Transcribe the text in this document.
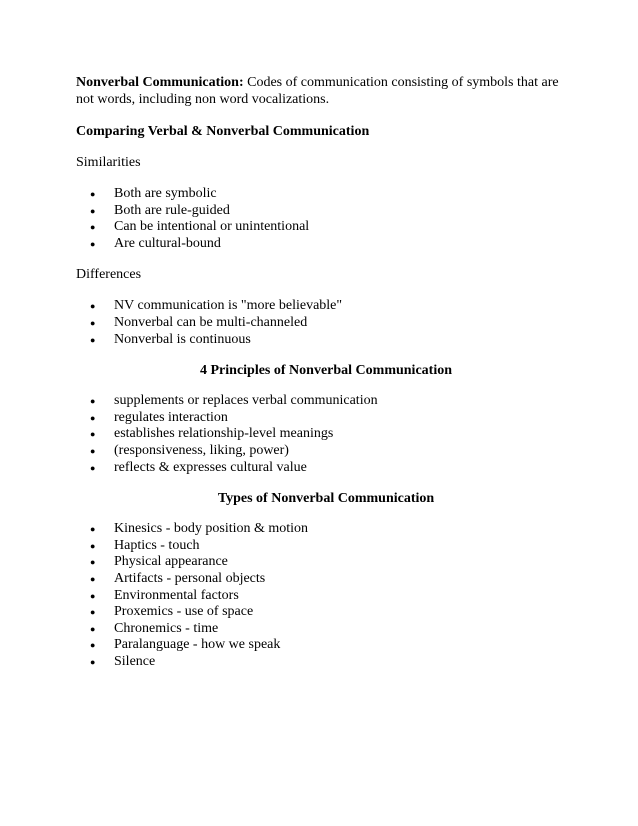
Nonverbal Communication: Codes of communication consisting of symbols that are not words, including non word vocalizations.

Comparing Verbal & Nonverbal Communication

Similarities

● Both are symbolic
● Both are rule-guided
● Can be intentional or unintentional
● Are cultural-bound

Differences

● NV communication is "more believable"
● Nonverbal can be multi-channeled
● Nonverbal is continuous

4 Principles of Nonverbal Communication

● supplements or replaces verbal communication
● regulates interaction
● establishes relationship-level meanings
● (responsiveness, liking, power)
● reflects & expresses cultural value

Types of Nonverbal Communication

● Kinesics - body position & motion
● Haptics - touch
● Physical appearance
● Artifacts - personal objects
● Environmental factors
● Proxemics - use of space
● Chronemics - time
● Paralanguage - how we speak
● Silence
